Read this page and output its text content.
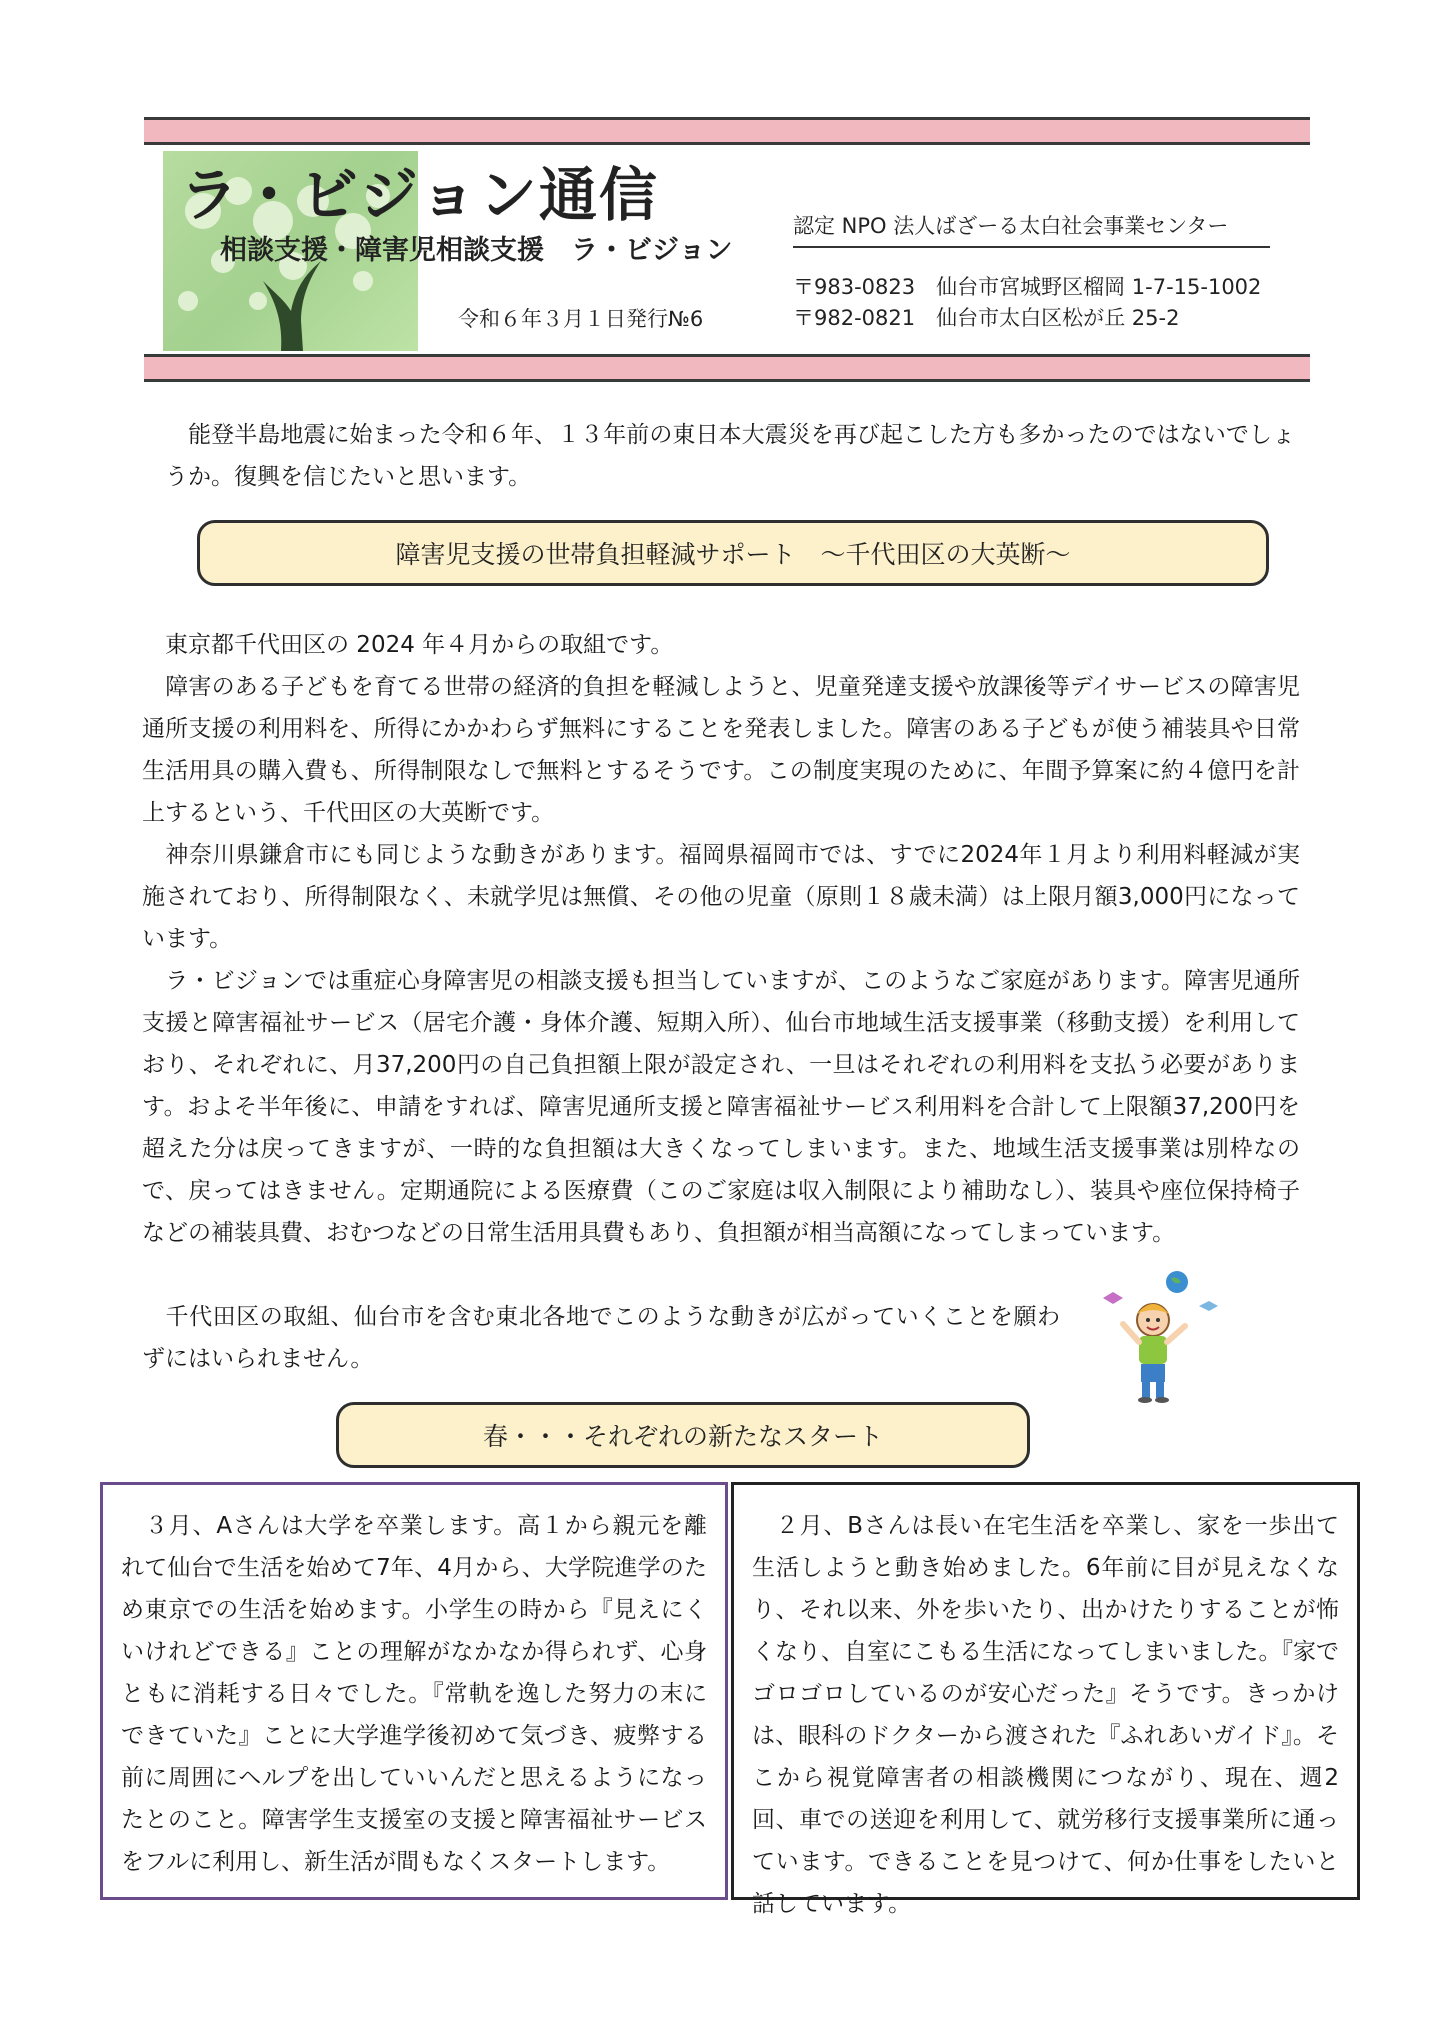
ラ・ビジョン通信
相談支援・障害児相談支援　ラ・ビジョン
令和６年３月１日発行№6
認定 NPO 法人ばざーる太白社会事業センター
〒983-0823　仙台市宮城野区榴岡 1-7-15-1002
〒982-0821　仙台市太白区松が丘 25-2
　能登半島地震に始まった令和６年、１３年前の東日本大震災を再び起こした方も多かったのではないでしょうか。復興を信じたいと思います。
障害児支援の世帯負担軽減サポート　～千代田区の大英断～
　東京都千代田区の 2024 年４月からの取組です。
　障害のある子どもを育てる世帯の経済的負担を軽減しようと、児童発達支援や放課後等デイサービスの障害児通所支援の利用料を、所得にかかわらず無料にすることを発表しました。障害のある子どもが使う補装具や日常生活用具の購入費も、所得制限なしで無料とするそうです。この制度実現のために、年間予算案に約４億円を計上するという、千代田区の大英断です。
　神奈川県鎌倉市にも同じような動きがあります。福岡県福岡市では、すでに2024年１月より利用料軽減が実施されており、所得制限なく、未就学児は無償、その他の児童（原則１８歳未満）は上限月額3,000円になっています。
　ラ・ビジョンでは重症心身障害児の相談支援も担当していますが、このようなご家庭があります。障害児通所支援と障害福祉サービス（居宅介護・身体介護、短期入所）、仙台市地域生活支援事業（移動支援）を利用しており、それぞれに、月37,200円の自己負担額上限が設定され、一旦はそれぞれの利用料を支払う必要があります。およそ半年後に、申請をすれば、障害児通所支援と障害福祉サービス利用料を合計して上限額37,200円を超えた分は戻ってきますが、一時的な負担額は大きくなってしまいます。また、地域生活支援事業は別枠なので、戻ってはきません。定期通院による医療費（このご家庭は収入制限により補助なし）、装具や座位保持椅子などの補装具費、おむつなどの日常生活用具費もあり、負担額が相当高額になってしまっています。
　千代田区の取組、仙台市を含む東北各地でこのような動きが広がっていくことを願わずにはいられません。
春・・・それぞれの新たなスタート
　３月、Aさんは大学を卒業します。高１から親元を離れて仙台で生活を始めて7年、4月から、大学院進学のため東京での生活を始めます。小学生の時から『見えにくいけれどできる』ことの理解がなかなか得られず、心身ともに消耗する日々でした。『常軌を逸した努力の末にできていた』ことに大学進学後初めて気づき、疲弊する前に周囲にヘルプを出していいんだと思えるようになったとのこと。障害学生支援室の支援と障害福祉サービスをフルに利用し、新生活が間もなくスタートします。
　２月、Bさんは長い在宅生活を卒業し、家を一歩出て生活しようと動き始めました。6年前に目が見えなくなり、それ以来、外を歩いたり、出かけたりすることが怖くなり、自室にこもる生活になってしまいました。『家でゴロゴロしているのが安心だった』そうです。きっかけは、眼科のドクターから渡された『ふれあいガイド』。そこから視覚障害者の相談機関につながり、現在、週2回、車での送迎を利用して、就労移行支援事業所に通っています。できることを見つけて、何か仕事をしたいと話しています。
